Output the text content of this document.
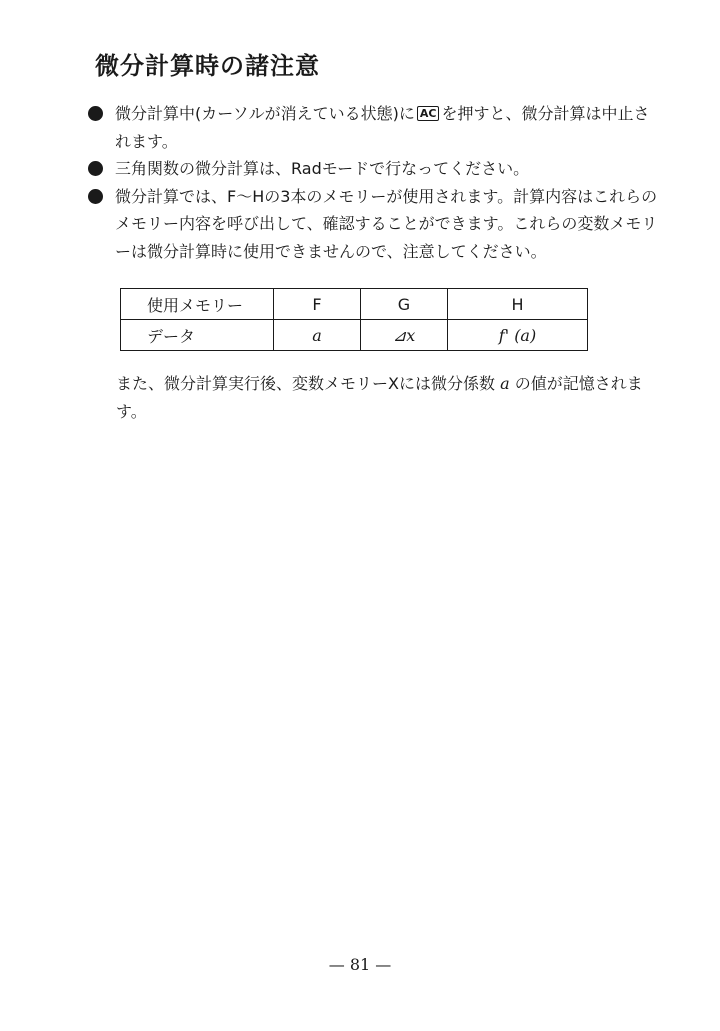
微分計算時の諸注意
微分計算中(カーソルが消えている状態)に AC を押すと、微分計算は中止されます。
三角関数の微分計算は、Radモードで行なってください。
微分計算では、F〜Hの3本のメモリーが使用されます。計算内容はこれらのメモリー内容を呼び出して、確認することができます。これらの変数メモリーは微分計算時に使用できませんので、注意してください。
使用メモリー	F	G	H
データ	a	⊿x	f' (a)

また、微分計算実行後、変数メモリーXには微分係数 a の値が記憶されます。

— 81 —
